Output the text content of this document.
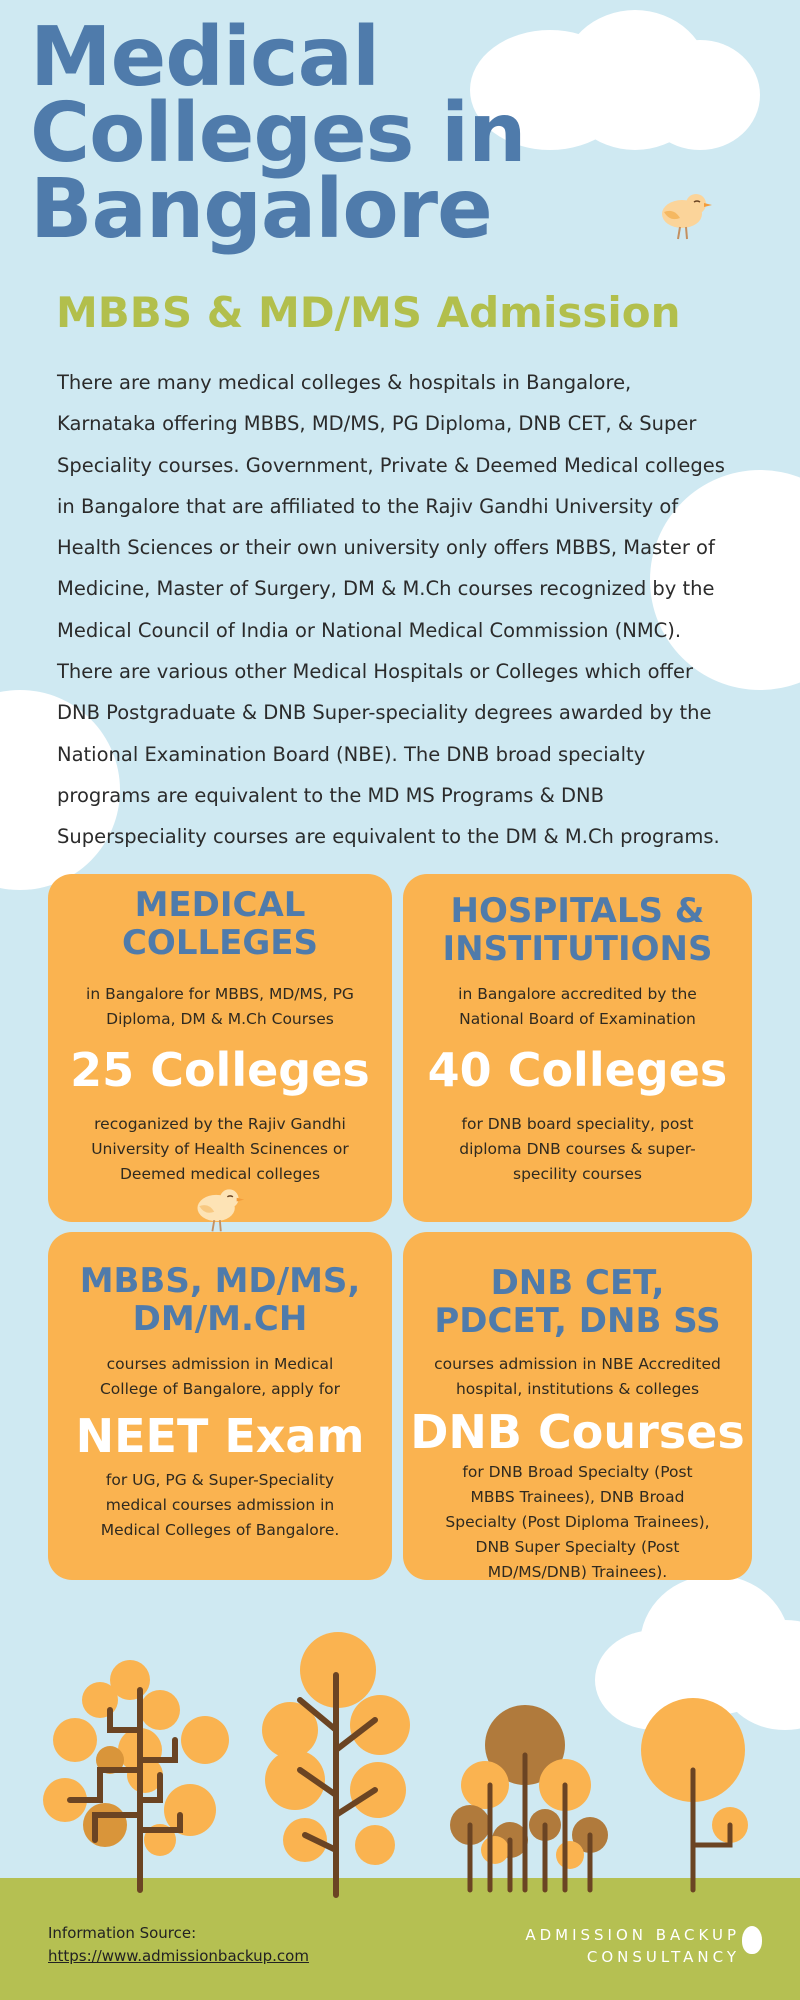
Medical
Colleges in
Bangalore
MBBS & MD/MS Admission
There are many medical colleges & hospitals in Bangalore,
Karnataka offering MBBS, MD/MS, PG Diploma, DNB CET, & Super
Speciality courses. Government, Private & Deemed Medical colleges
in Bangalore that are affiliated to the Rajiv Gandhi University of
Health Sciences or their own university only offers MBBS, Master of
Medicine, Master of Surgery, DM & M.Ch courses recognized by the
Medical Council of India or National Medical Commission (NMC).
There are various other Medical Hospitals or Colleges which offer
DNB Postgraduate & DNB Super-speciality degrees awarded by the
National Examination Board (NBE). The DNB broad specialty
programs are equivalent to the MD MS Programs & DNB
Superspeciality courses are equivalent to the DM & M.Ch programs.
MEDICAL
COLLEGES
in Bangalore for MBBS, MD/MS, PG
Diploma, DM & M.Ch Courses
25 Colleges
recoganized by the Rajiv Gandhi
University of Health Scinences or
Deemed medical colleges
HOSPITALS &
INSTITUTIONS
in Bangalore accredited by the
National Board of Examination
40 Colleges
for DNB board speciality, post
diploma DNB courses & super-
specility courses
MBBS, MD/MS,
DM/M.CH
courses admission in Medical
College of Bangalore, apply for
NEET Exam
for UG, PG & Super-Speciality
medical courses admission in
Medical Colleges of Bangalore.
DNB CET,
PDCET, DNB SS
courses admission in NBE Accredited
hospital, institutions & colleges
DNB Courses
for DNB Broad Specialty (Post
MBBS Trainees), DNB Broad
Specialty (Post Diploma Trainees),
DNB Super Specialty (Post
MD/MS/DNB) Trainees).
Information Source:
https://www.admissionbackup.com
ADMISSION BACKUP
CONSULTANCY
